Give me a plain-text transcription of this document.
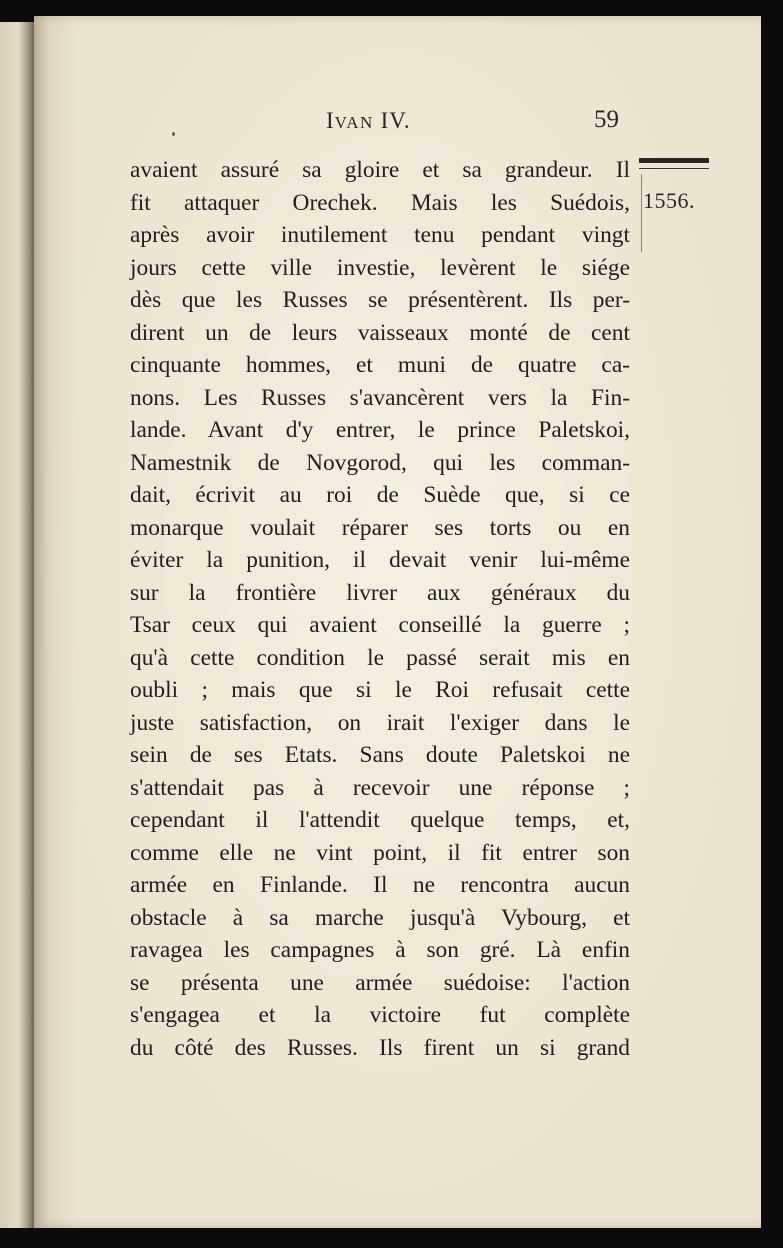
IVAN IV.	59
avaient assuré sa gloire et sa grandeur. Il
fit attaquer Orechek. Mais les Suédois,
après avoir inutilement tenu pendant vingt
jours cette ville investie, levèrent le siége
dès que les Russes se présentèrent. Ils per-
dirent un de leurs vaisseaux monté de cent
cinquante hommes, et muni de quatre ca-
nons. Les Russes s'avancèrent vers la Fin-
lande. Avant d'y entrer, le prince Paletskoi,
Namestnik de Novgorod, qui les comman-
dait, écrivit au roi de Suède que, si ce
monarque voulait réparer ses torts ou en
éviter la punition, il devait venir lui-même
sur la frontière livrer aux généraux du
Tsar ceux qui avaient conseillé la guerre ;
qu'à cette condition le passé serait mis en
oubli ; mais que si le Roi refusait cette
juste satisfaction, on irait l'exiger dans le
sein de ses Etats. Sans doute Paletskoi ne
s'attendait pas à recevoir une réponse ;
cependant il l'attendit quelque temps, et,
comme elle ne vint point, il fit entrer son
armée en Finlande. Il ne rencontra aucun
obstacle à sa marche jusqu'à Vybourg, et
ravagea les campagnes à son gré. Là enfin
se présenta une armée suédoise: l'action
s'engagea et la victoire fut complète
du côté des Russes. Ils firent un si grand
1556.
